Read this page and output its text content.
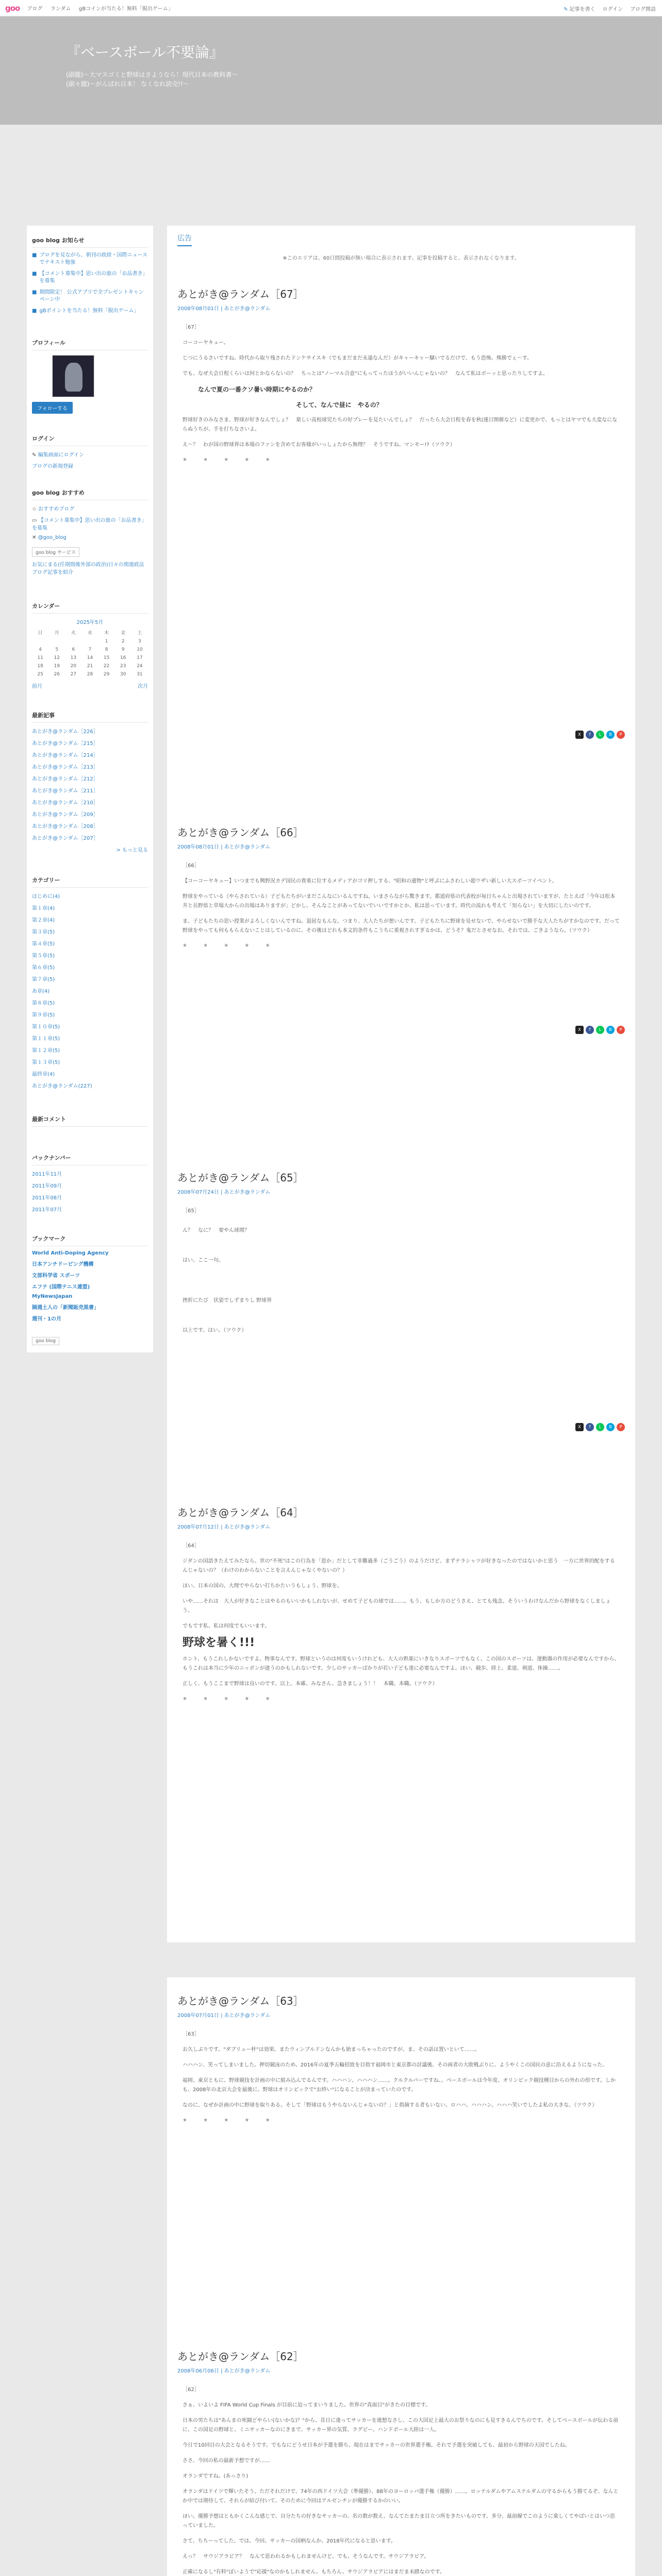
goo ブログ ランダム gBコインが当たる！無料「脱出ゲーム」	✎ 記事を書く ログイン ブログ開設
『ベースボール不要論』
(副題)〜大マスゴミと野球はさようなら！現代日本の教科書〜
(副々題)〜がんばれ日本！ なくなれ読売!!〜
goo blog お知らせ
■ ブログを見ながら、朝刊の政経・国際ニュースでテキスト勉強
■ 【コメント募集中】思い出の旅の「お品書き」を募集
■ 期間限定！ 公式アプリで全プレゼントキャンペーン中
■ gBポイントを当たる！無料「脱出ゲーム」
プロフィール
フォローする
ログイン
✎ 編集画面にログイン
ブログの新規登録
goo blog おすすめ
☆ おすすめブログ
▭ 【コメント募集中】思い出の旅の「お品書き」を募集
✕ @goo_blog
goo blog サービス
お気にまる(任期間後外部の政治)日々の関連政法ブログ記事を紹介
カレンダー
2025年5月
日	月	火	水	木	金	土
				1	2	3
4	5	6	7	8	9	10
11	12	13	14	15	16	17
18	19	20	21	22	23	24
25	26	27	28	29	30	31
前月	次月
最新記事
あとがき@ランダム［226］
あとがき@ランダム［215］
あとがき@ランダム［214］
あとがき@ランダム［213］
あとがき@ランダム［212］
あとがき@ランダム［211］
あとがき@ランダム［210］
あとがき@ランダム［209］
あとがき@ランダム［208］
あとがき@ランダム［207］
> もっと見る
カテゴリー
はじめに(4)
第１章(4)
第２章(4)
第３章(5)
第４章(5)
第５章(5)
第６章(5)
第７章(5)
あ章(4)
第８章(5)
第９章(5)
第１０章(5)
第１１章(5)
第１２章(5)
第１３章(5)
最終章(4)
あとがき@ランダム(227)
最新コメント
バックナンバー
2011年11月
2011年09月
2011年08月
2011年07月
ブックマーク
World Anti-Doping Agency
日本アンチドーピング機構
文部科学省 スポーツ
エフテ (国際テニス連盟)
MyNewsJapan
隔週土人の「新聞販売黒書」
週刊・1の月
goo blog
広告
※このエリアは、60日間投稿が無い場合に表示されます。記事を投稿すると、表示されなくなります。
あとがき@ランダム［67］
2008年08月01日 | あとがき@ランダム

［67］

コーコーヤキュー。

じつにうるさいですね。時代から取り残されたドンケサイスキ（でもまだまだ永遠なんだ）がキャーキャー騒いでるだけで、もう恐怖。殊勝でぇ〜す。

でも、なぜ大会日程くらいは何とかならないの？　ちっとは"ノーマル合意"にもってったほうがいいんじゃないの？　なんて私はボーッと思ったりしてすよ。

なんで夏の一番クソ暑い時期にやるのか？

そして、なんで昼に　やるの？

野球好きのみなさま、野球が好きなんでしょ？　楽しい高校球児たちの好プレーを見たいんでしょ？　だったら大会日程を春を秋(連日開催など）に変更かで、もっとはヤマでも大変なにならぬうちが、手を打ちなさいよ。

え〜？　わが国の野球界は本場のファンを含めてお客様がいっしょたから無理？　そうですね、マンモー!?（ツウク）

★ ★ ★ ★ ★
X	f	L	B	P
あとがき@ランダム［66］
2008年08月01日 | あとがき@ランダム

［66］

【コーコーヤキュー】いつまでも興野況カデ国民の貴重に位するメディアがゴリ押しする、"昭和の遺物"と呼ぶにふさわしい超ウザい新しい大スポーツイベント。

野球をやっている（やらされている）子どもたちがいまだこんなにいるんですね。いまさらながら驚きます。都道府県の代表校が毎日ちゃんと出場されていますが、たとえば「今年は松本井と長野県と草場大からの出場はありますが」どかし、そんなことがあってないでいいですかとか、私は思っています。時代の流れも考えて「知らない」を大切にしたいのです。

ま、子どもたちの思い授業がよろしくないんですね。退屈なもんな、つまり、大人たちが悪いんです。子どもたちに野球を見せないで、やらせないで勝手な大人たちがすかなのです。だって野球をやっても何ももらえないことはしているのに、その後はどれも本文的条件もこうちに重視されすぎるかは、どうそ？鬼だとさせなお。それでは、ごきようなら。（ツウク）

★ ★ ★ ★ ★
X	f	L	B	P
あとがき@ランダム［65］
2008年07月24日 | あとがき@ランダム

［65］

ん？　なに？　要やん球関？

はい。ここ一句。

挫折にたび　伏姿でしずまりし 野球界

以上です。はい。（ツウク）

X	f	L	B	P
あとがき@ランダム［64］
2008年07月12日 | あとがき@ランダム

［64］

ジダンの国語きたえてみたなら、世の"不死"はこの行為を「恩か」だとして非難過多（ごうごう）のようだけど、まずテラシャツが好きなったのではないかと思う　一方に世界的配をするんじゃないの？（わけのわからないことを言えんじゃなくやないの？）

ほい。日本の国の、大理でやらない打ちかたいうもしょう、野球を。

いや……それは　大人が好きなことはやるのもいいかもしれないが、せめて子どもの球では……。もう、もしか方のどうさえ、とても残念。そういうわけなんだから野球をなくしましょう。

でもです私、私は何度でもいいます。

野球を暑く!!!

ホント、もうこれしかないですよ。物事なんです。野球というのは何度もいうけれども、大人の娯楽にいきなりスポーツでもなく、この国のスポーツは、運動器の作用が必要なんですから、もうこれは本当に少年のニッポンが違うのかもしれないです。少しのサッカーばかりが若い子ども達に必要なんですよ。ほい、競歩、陸上、柔道、剣道、体操……。

正しく、もうここまで野球は良いのです。以上、本確、みなさん、急きましょう！！　本職、本職。（ツウク）

★ ★ ★ ★ ★
あとがき@ランダム［63］
2008年07月01日 | あとがき@ランダム

［63］

お久しぶりです。"ダブリュー杯"は効果、またウィンブルドンなんかも始まっちゃったのですが、ま、その話は置いといて……。

ハハハン、笑ってしまいました。押切競泳のため、2016年の夏季五輪招致を目指す福岡市と東京都の討議後、その両者の大敗戦ぶりに、ようやくこの国民の意に沿えるようになった。

福岡、東京ともに、野球競技を計画の中に組み込んでるんです。ハハハン、ハハハン……。クルクルパーですね、。ベースボールは今年度、オリンピック競技種目からの外れの形です。しかも、2008年の北京大会を最後に、野球はオリンピックで"お終い"になることが決まっていたのです。

なのに、なぜか計画の中に野球を取りある。そして「野球はもうやらないんじゃないの？」と指摘する者もいない。ロハハ、ハハハン。ハハハ笑いでしたよ私の大きな。（ツウク）

★ ★ ★ ★ ★
あとがき@ランダム［62］
2008年06月06日 | あとがき@ランダム

［62］

さぁ、いよいよ FIFA World Cup Finals が目前に迫ってまいりました。世界の"真面目"がきたの目標です。

日本の男たちは"あんまの死闘どやらい(ないかな)？"から、昔日に逢ってサッカーを連想なさし、この大国足上最大のお祭りなのにも見すきるんでちのです。そしてベースボールが伝わる前に、この国足の野球と、ミニサッカーなのにきまで、サッカー界の気質、ラグビー、ハンドボール大陸は一人。

今日で10回目の大会となるそうです。でもなにどうせ日本が予選を勝ち、現在はまでサッカーの世界選手権。それで予選を突破しても、最初から野球の天国でしたね。

ささ、今回の私の最新予想ですが……

オランダですね。(あっさり)

オランダはドイツで輝いたそう。ただそれだけで、74年の西ドイツ大会（準優勝）、88年のヨーロッパ選手権（優勝）……。ロッテルダムやアムステルダムの守るからもう勝てるぞ、なんとか中では期待して、それらが結び付いて、そのために今回はアルゼンチンが優勝するかのいい。

ほい。優勝予想はともかくこんな感じで、自分たちの好きなサッカーの、名の数が数え、なんてたまたま目立つ所をきたいものです。多分、最前線でこのように楽しくてやばいとはいつ思っていました。

さて、ちちーってした。では、今回、サッカーの国柄なんか、2018年代になると思います。

えっ？　サウジアラビア？　なんて思われるかもしれませんけど。でも、そうなんです。サウジアラビア。

正確になるし"有料"ぽいようで"応援"なのかもしれません。もちろん、サウジアラビアにはまだま未踏なのです。
